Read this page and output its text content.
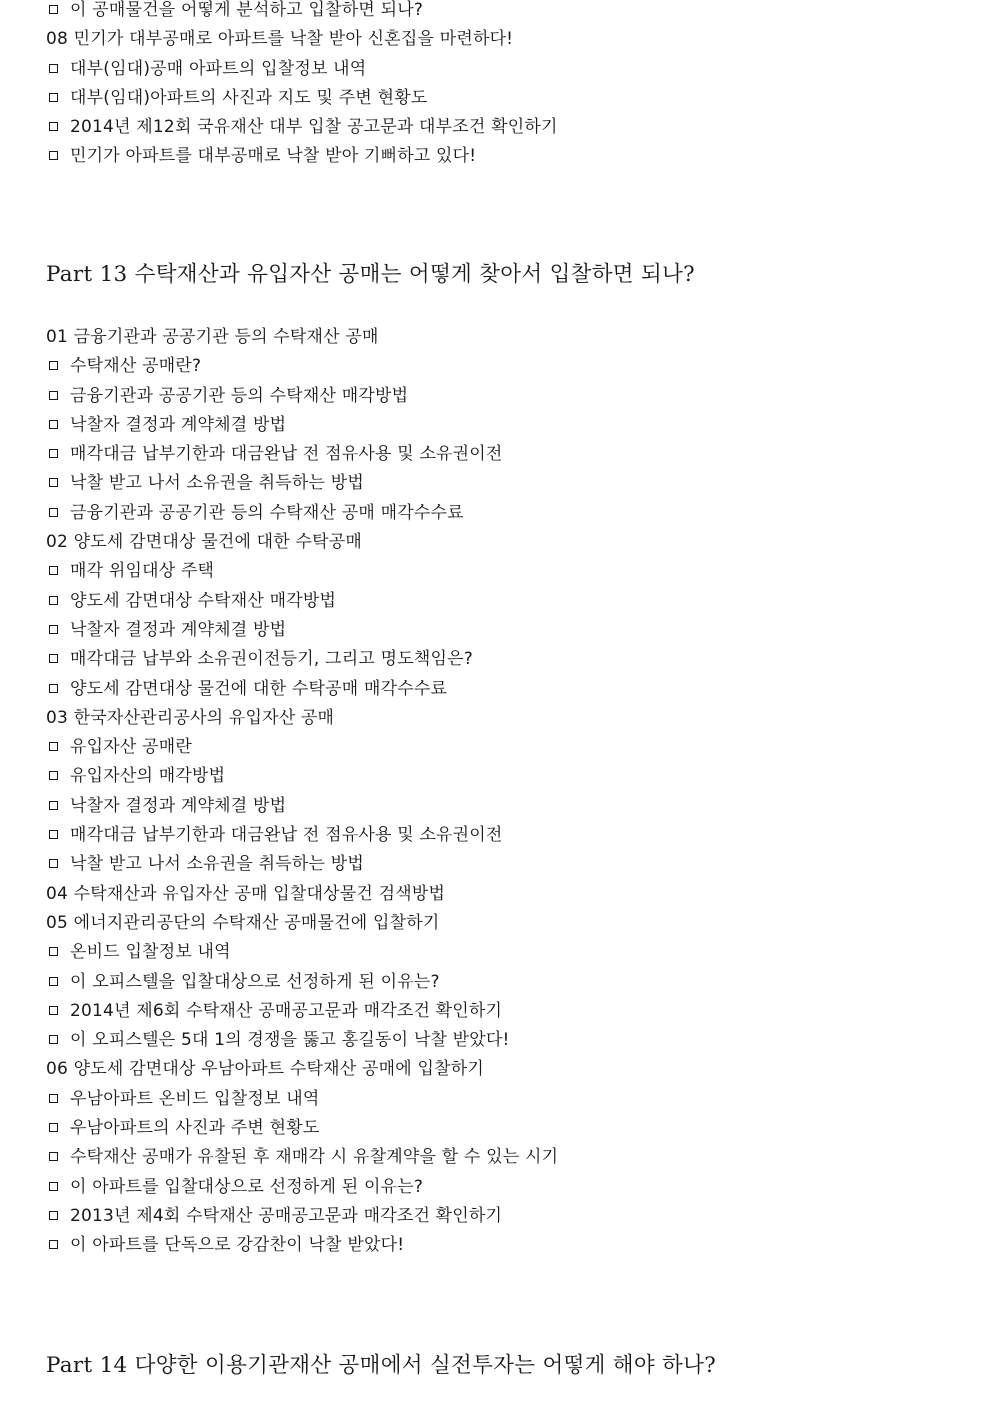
이 공매물건을 어떻게 분석하고 입찰하면 되나?
08 민기가 대부공매로 아파트를 낙찰 받아 신혼집을 마련하다!
대부(임대)공매 아파트의 입찰정보 내역
대부(임대)아파트의 사진과 지도 및 주변 현황도
2014년 제12회 국유재산 대부 입찰 공고문과 대부조건 확인하기
민기가 아파트를 대부공매로 낙찰 받아 기뻐하고 있다!
Part 13 수탁재산과 유입자산 공매는 어떻게 찾아서 입찰하면 되나?
01 금융기관과 공공기관 등의 수탁재산 공매
수탁재산 공매란?
금융기관과 공공기관 등의 수탁재산 매각방법
낙찰자 결정과 계약체결 방법
매각대금 납부기한과 대금완납 전 점유사용 및 소유권이전
낙찰 받고 나서 소유권을 취득하는 방법
금융기관과 공공기관 등의 수탁재산 공매 매각수수료
02 양도세 감면대상 물건에 대한 수탁공매
매각 위임대상 주택
양도세 감면대상 수탁재산 매각방법
낙찰자 결정과 계약체결 방법
매각대금 납부와 소유권이전등기, 그리고 명도책임은?
양도세 감면대상 물건에 대한 수탁공매 매각수수료
03 한국자산관리공사의 유입자산 공매
유입자산 공매란
유입자산의 매각방법
낙찰자 결정과 계약체결 방법
매각대금 납부기한과 대금완납 전 점유사용 및 소유권이전
낙찰 받고 나서 소유권을 취득하는 방법
04 수탁재산과 유입자산 공매 입찰대상물건 검색방법
05 에너지관리공단의 수탁재산 공매물건에 입찰하기
온비드 입찰정보 내역
이 오피스텔을 입찰대상으로 선정하게 된 이유는?
2014년 제6회 수탁재산 공매공고문과 매각조건 확인하기
이 오피스텔은 5대 1의 경쟁을 뚫고 홍길동이 낙찰 받았다!
06 양도세 감면대상 우남아파트 수탁재산 공매에 입찰하기
우남아파트 온비드 입찰정보 내역
우남아파트의 사진과 주변 현황도
수탁재산 공매가 유찰된 후 재매각 시 유찰계약을 할 수 있는 시기
이 아파트를 입찰대상으로 선정하게 된 이유는?
2013년 제4회 수탁재산 공매공고문과 매각조건 확인하기
이 아파트를 단독으로 강감찬이 낙찰 받았다!
Part 14 다양한 이용기관재산 공매에서 실전투자는 어떻게 해야 하나?
